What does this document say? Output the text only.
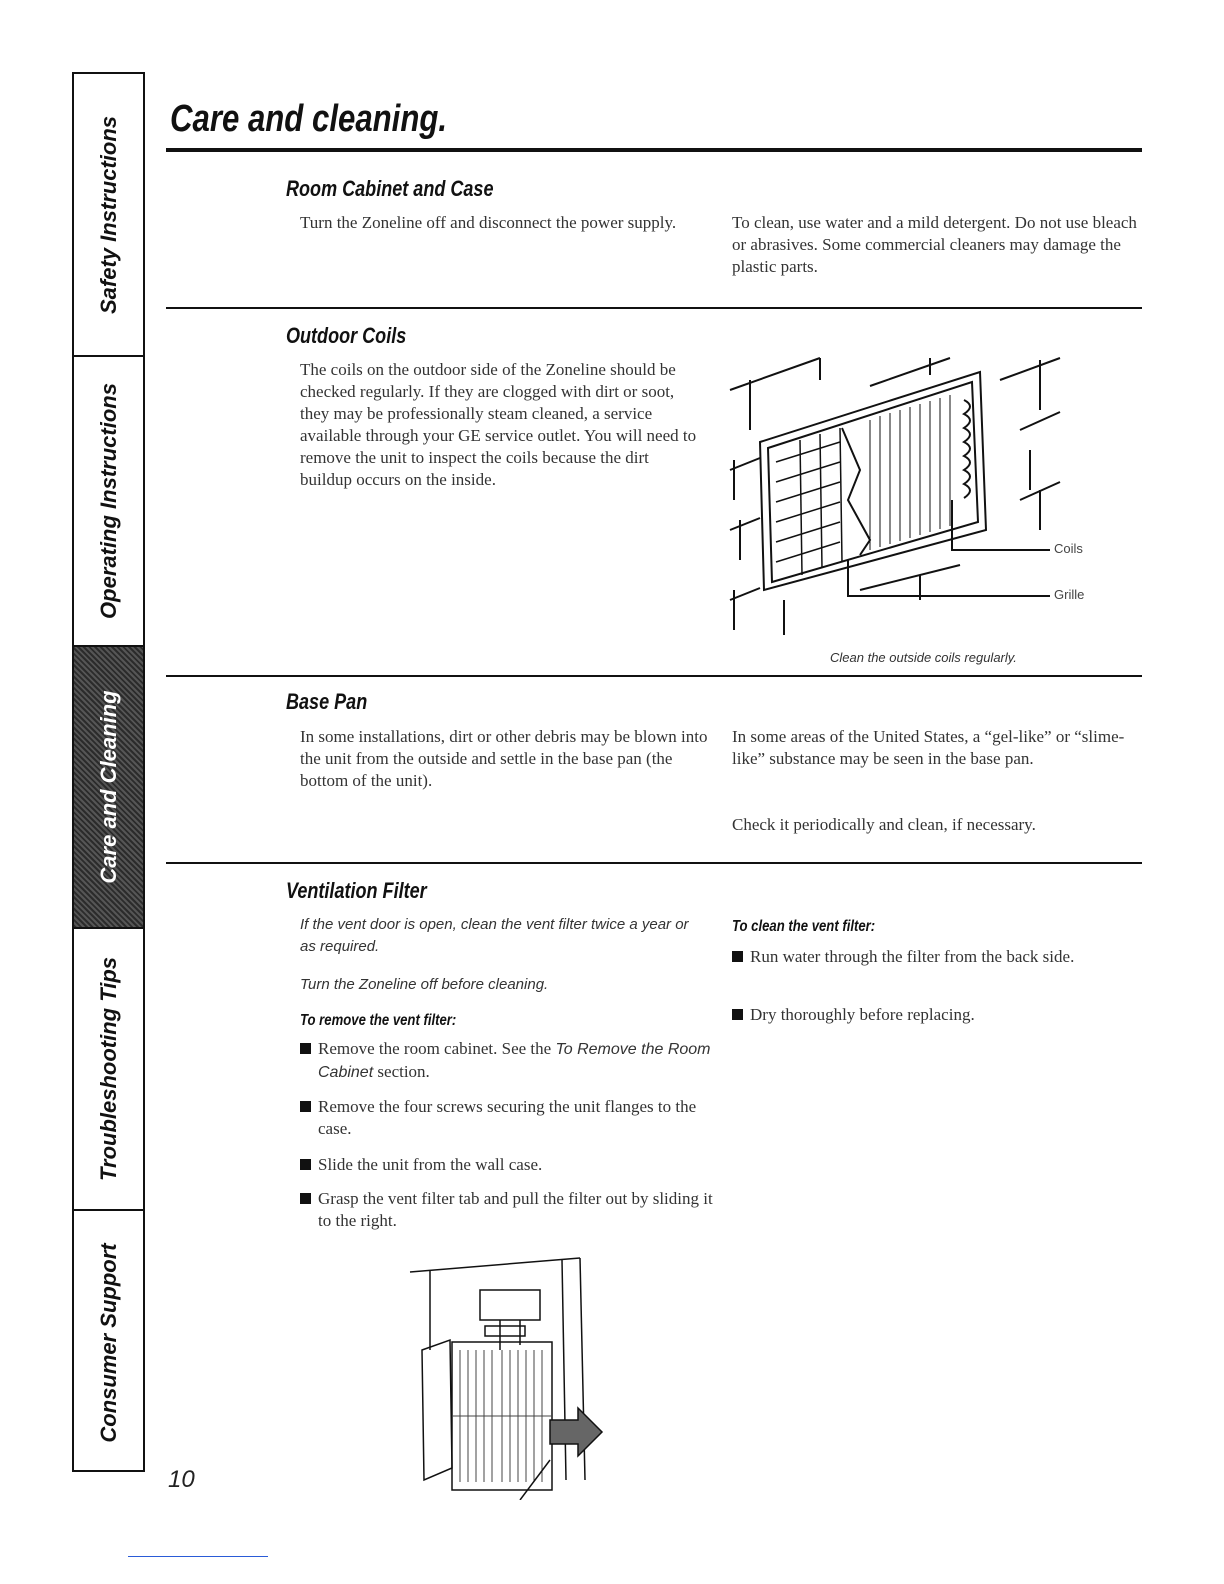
Safety Instructions
Operating Instructions
Care and Cleaning
Troubleshooting Tips
Consumer Support
Care and cleaning.
Room Cabinet and Case

Turn the Zoneline off and disconnect the power supply.	To clean, use water and a mild detergent. Do not use bleach or abrasives. Some commercial cleaners may damage the plastic parts.

Outdoor Coils

The coils on the outdoor side of the Zoneline should be checked regularly. If they are clogged with dirt or soot, they may be professionally steam cleaned, a service available through your GE service outlet. You will need to remove the unit to inspect the coils because the dirt buildup occurs on the inside.

Coils
Grille
Clean the outside coils regularly.
Base Pan

In some installations, dirt or other debris may be blown into the unit from the outside and settle in the base pan (the bottom of the unit).

In some areas of the United States, a “gel-like” or “slime-like” substance may be seen in the base pan.

Check it periodically and clean, if necessary.

Ventilation Filter

If the vent door is open, clean the vent filter twice a year or as required.

Turn the Zoneline off before cleaning.

To remove the vent filter:
Remove the room cabinet. See the To Remove the Room Cabinet section.
Remove the four screws securing the unit flanges to the case.
Slide the unit from the wall case.
Grasp the vent filter tab and pull the filter out by sliding it to the right.
To clean the vent filter:
Run water through the filter from the back side.
Dry thoroughly before replacing.
10
